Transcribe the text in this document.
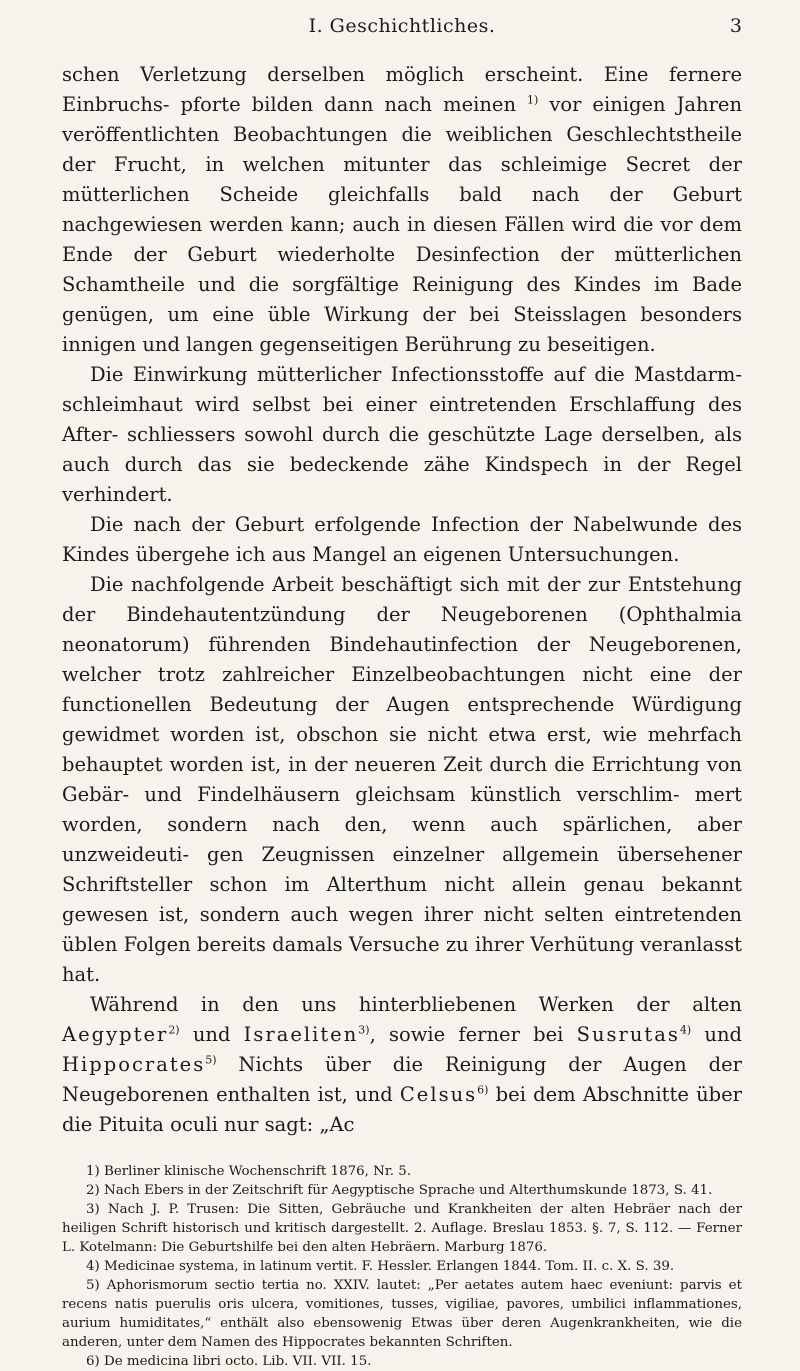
I. Geschichtliches.	3

schen Verletzung derselben möglich erscheint. Eine fernere Einbruchs- pforte bilden dann nach meinen $^{1)}$ vor einigen Jahren veröffentlichten Beobachtungen die weiblichen Geschlechtstheile der Frucht, in welchen mitunter das schleimige Secret der mütterlichen Scheide gleichfalls bald nach der Geburt nachgewiesen werden kann; auch in diesen Fällen wird die vor dem Ende der Geburt wiederholte Desinfection der mütterlichen Schamtheile und die sorgfältige Reinigung des Kindes im Bade genügen, um eine üble Wirkung der bei Steisslagen besonders innigen und langen gegenseitigen Berührung zu beseitigen.

Die Einwirkung mütterlicher Infectionsstoffe auf die Mastdarm- schleimhaut wird selbst bei einer eintretenden Erschlaffung des After- schliessers sowohl durch die geschützte Lage derselben, als auch durch das sie bedeckende zähe Kindspech in der Regel verhindert.

Die nach der Geburt erfolgende Infection der Nabelwunde des Kindes übergehe ich aus Mangel an eigenen Untersuchungen.

Die nachfolgende Arbeit beschäftigt sich mit der zur Entstehung der Bindehautentzündung der Neugeborenen (Ophthalmia neonatorum) führenden Bindehautinfection der Neugeborenen, welcher trotz zahlreicher Einzelbeobachtungen nicht eine der functionellen Bedeutung der Augen entsprechende Würdigung gewidmet worden ist, obschon sie nicht etwa erst, wie mehrfach behauptet worden ist, in der neueren Zeit durch die Errichtung von Gebär- und Findelhäusern gleichsam künstlich verschlim- mert worden, sondern nach den, wenn auch spärlichen, aber unzweideuti- gen Zeugnissen einzelner allgemein übersehener Schriftsteller schon im Alterthum nicht allein genau bekannt gewesen ist, sondern auch wegen ihrer nicht selten eintretenden üblen Folgen bereits damals Versuche zu ihrer Verhütung veranlasst hat.

Während in den uns hinterbliebenen Werken der alten Aegypter$^{2)}$ und Israeliten$^{3)}$, sowie ferner bei Susrutas$^{4)}$ und Hippocrates$^{5)}$ Nichts über die Reinigung der Augen der Neugeborenen enthalten ist, und Celsus$^{6)}$ bei dem Abschnitte über die Pituita oculi nur sagt: „Ac

1) Berliner klinische Wochenschrift 1876, Nr. 5.

2) Nach Ebers in der Zeitschrift für Aegyptische Sprache und Alterthumskunde 1873, S. 41.

3) Nach J. P. Trusen: Die Sitten, Gebräuche und Krankheiten der alten Hebräer nach der heiligen Schrift historisch und kritisch dargestellt. 2. Auflage. Breslau 1853. §. 7, S. 112. — Ferner L. Kotelmann: Die Geburtshilfe bei den alten Hebräern. Marburg 1876.

4) Medicinae systema, in latinum vertit. F. Hessler. Erlangen 1844. Tom. II. c. X. S. 39.

5) Aphorismorum sectio tertia no. XXIV. lautet: „Per aetates autem haec eveniunt: parvis et recens natis puerulis oris ulcera, vomitiones, tusses, vigiliae, pavores, umbilici inflammationes, aurium humiditates,“ enthält also ebensowenig Etwas über deren Augenkrankheiten, wie die anderen, unter dem Namen des Hippocrates bekannten Schriften.

6) De medicina libri octo. Lib. VII. VII. 15.
